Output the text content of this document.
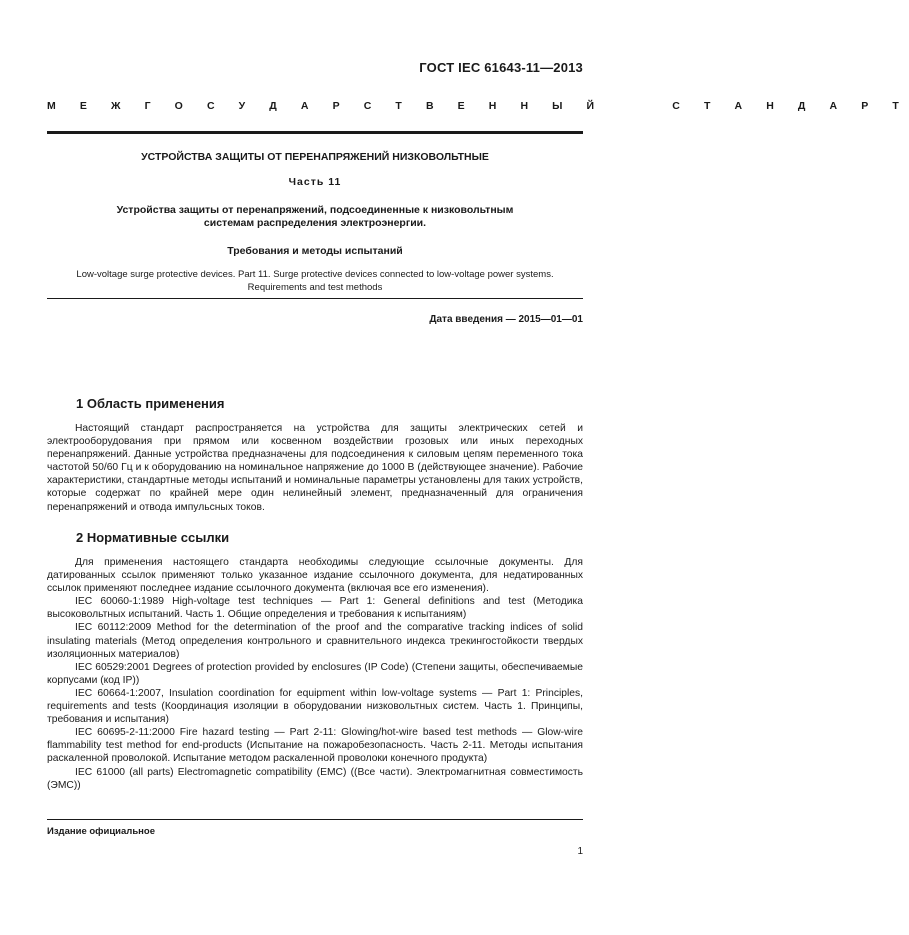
ГОСТ IEC 61643-11—2013
М Е Ж Г О С У Д А Р С Т В Е Н Н Ы Й     С Т А Н Д А Р Т
УСТРОЙСТВА ЗАЩИТЫ ОТ ПЕРЕНАПРЯЖЕНИЙ НИЗКОВОЛЬТНЫЕ
Часть 11
Устройства защиты от перенапряжений, подсоединенные к низковольтным
системам распределения электроэнергии.
Требования и методы испытаний
Low-voltage surge protective devices. Part 11. Surge protective devices connected to low-voltage power systems.
Requirements and test methods
Дата введения — 2015—01—01
1 Область применения

Настоящий стандарт распространяется на устройства для защиты электрических сетей и электрооборудования при прямом или косвенном воздействии грозовых или иных переходных перенапряжений. Данные устройства предназначены для подсоединения к силовым цепям переменного тока частотой 50/60 Гц и к оборудованию на номинальное напряжение до 1000 В (действующее значение). Рабочие характеристики, стандартные методы испытаний и номинальные параметры установлены для таких устройств, которые содержат по крайней мере один нелинейный элемент, предназначенный для ограничения перенапряжений и отвода импульсных токов.

2 Нормативные ссылки

Для применения настоящего стандарта необходимы следующие ссылочные документы. Для датированных ссылок применяют только указанное издание ссылочного документа, для недатированных ссылок применяют последнее издание ссылочного документа (включая все его изменения).

IEC 60060-1:1989 High-voltage test techniques — Part 1: General definitions and test (Методика высоковольтных испытаний. Часть 1. Общие определения и требования к испытаниям)

IEC 60112:2009 Method for the determination of the proof and the comparative tracking indices of solid insulating materials (Метод определения контрольного и сравнительного индекса трекингостойкости твердых изоляционных материалов)

IEC 60529:2001 Degrees of protection provided by enclosures (IP Code) (Степени защиты, обеспечиваемые корпусами (код IP))

IEC 60664-1:2007, Insulation coordination for equipment within low-voltage systems — Part 1: Principles, requirements and tests (Координация изоляции в оборудовании низковольтных систем. Часть 1. Принципы, требования и испытания)

IEC 60695-2-11:2000 Fire hazard testing — Part 2-11: Glowing/hot-wire based test methods — Glow-wire flammability test method for end-products (Испытание на пожаробезопасность. Часть 2-11. Методы испытания раскаленной проволокой. Испытание методом раскаленной проволоки конечного продукта)

IEC 61000 (all parts) Electromagnetic compatibility (EMC) ((Все части). Электромагнитная совместимость (ЭМС))

Издание официальное
1
